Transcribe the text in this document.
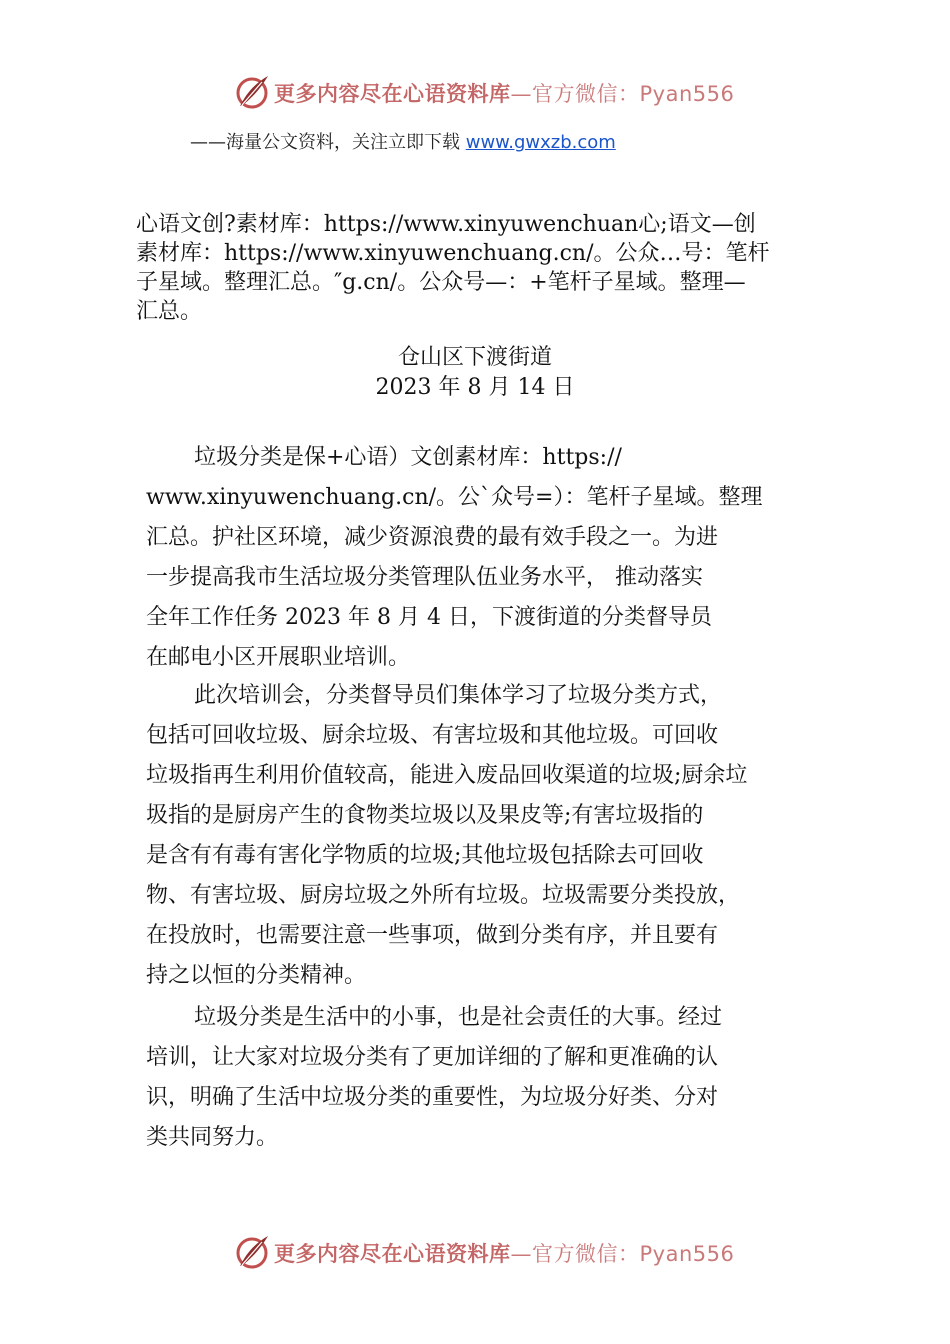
更多内容尽在心语资料库—官方微信：Pyan556
——海量公文资料，关注立即下载 www.gwxzb.com
心语文创?素材库：https://www.xinyuwenchuan心;语文—创
素材库：https://www.xinyuwenchuang.cn/。公众…号：笔杆
子星域。整理汇总。″g.cn/。公众号—：+笔杆子星域。整理—
汇总。
仓山区下渡街道
2023 年 8 月 14 日
垃圾分类是保+心语）文创素材库：https://
www.xinyuwenchuang.cn/。公`众号=）：笔杆子星域。整理
汇总。护社区环境，减少资源浪费的最有效手段之一。为进
一步提高我市生活垃圾分类管理队伍业务水平， 推动落实
全年工作任务 2023 年 8 月 4 日，下渡街道的分类督导员
在邮电小区开展职业培训。
此次培训会，分类督导员们集体学习了垃圾分类方式，
包括可回收垃圾、厨余垃圾、有害垃圾和其他垃圾。可回收
垃圾指再生利用价值较高，能进入废品回收渠道的垃圾;厨余垃
圾指的是厨房产生的食物类垃圾以及果皮等;有害垃圾指的
是含有有毒有害化学物质的垃圾;其他垃圾包括除去可回收
物、有害垃圾、厨房垃圾之外所有垃圾。垃圾需要分类投放，
在投放时，也需要注意一些事项，做到分类有序，并且要有
持之以恒的分类精神。
垃圾分类是生活中的小事，也是社会责任的大事。经过
培训，让大家对垃圾分类有了更加详细的了解和更准确的认
识，明确了生活中垃圾分类的重要性，为垃圾分好类、分对
类共同努力。
更多内容尽在心语资料库—官方微信：Pyan556
